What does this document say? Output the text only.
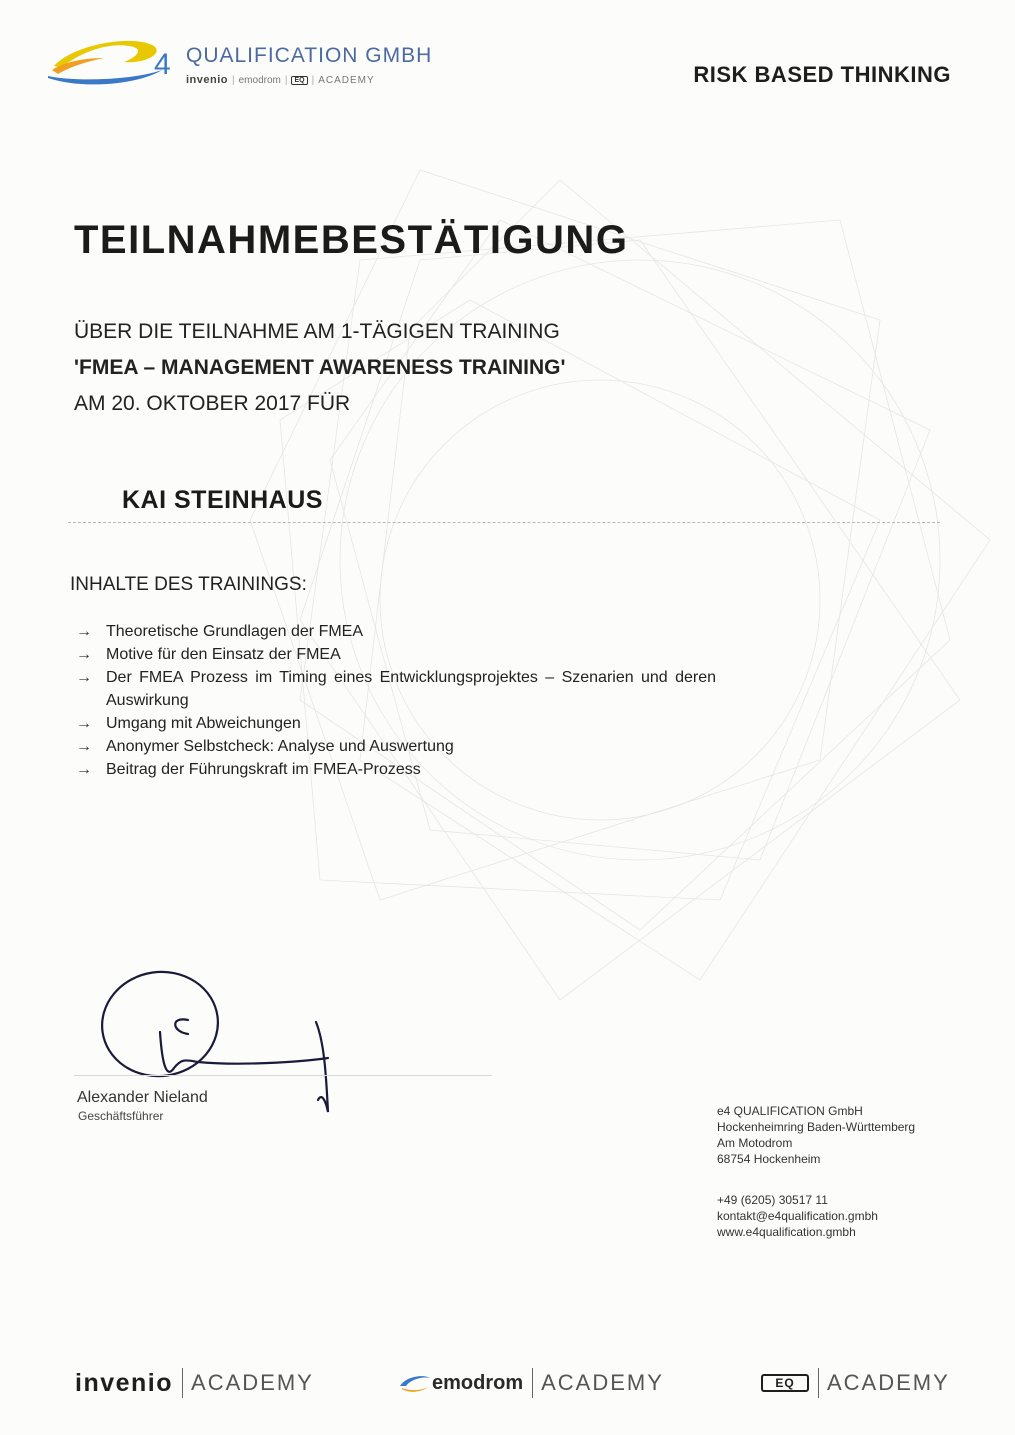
4 QUALIFICATION GMBH
invenio | emodrom |	EQ | ACADEMY	RISK BASED THINKING
TEILNAHMEBESTÄTIGUNG
ÜBER DIE TEILNAHME AM 1-TÄGIGEN TRAINING
'FMEA – MANAGEMENT AWARENESS TRAINING'
AM 20. OKTOBER 2017 FÜR
KAI STEINHAUS
INHALTE DES TRAININGS:
→ Theoretische Grundlagen der FMEA
→ Motive für den Einsatz der FMEA
→ Der FMEA Prozess im Timing eines Entwicklungsprojektes – Szenarien und deren Auswirkung
→ Umgang mit Abweichungen
→ Anonymer Selbstcheck: Analyse und Auswertung
→ Beitrag der Führungskraft im FMEA-Prozess
Alexander Nieland
Geschäftsführer	e4 QUALIFICATION GmbH
Hockenheimring Baden-Württemberg
Am Motodrom
68754 Hockenheim
+49 (6205) 30517 11
kontakt@e4qualification.gmbh
www.e4qualification.gmbh
invenio ACADEMY	emodrom ACADEMY	EQ	ACADEMY
